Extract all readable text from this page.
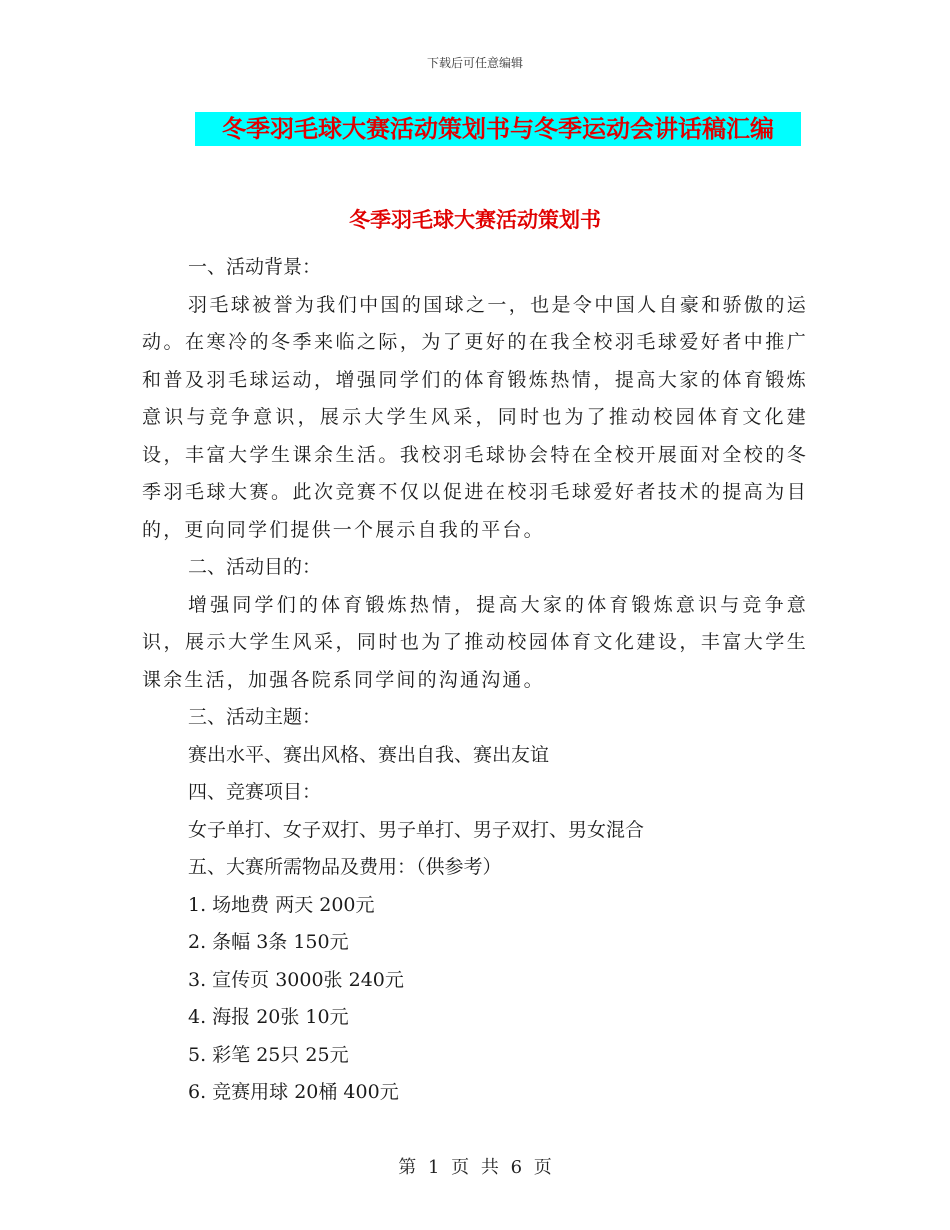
下载后可任意编辑
冬季羽毛球大赛活动策划书与冬季运动会讲话稿汇编
冬季羽毛球大赛活动策划书
一、活动背景：
羽毛球被誉为我们中国的国球之一，也是令中国人自豪和骄傲的运动。在寒冷的冬季来临之际，为了更好的在我全校羽毛球爱好者中推广和普及羽毛球运动，增强同学们的体育锻炼热情，提高大家的体育锻炼意识与竞争意识，展示大学生风采，同时也为了推动校园体育文化建设，丰富大学生课余生活。我校羽毛球协会特在全校开展面对全校的冬季羽毛球大赛。此次竞赛不仅以促进在校羽毛球爱好者技术的提高为目的，更向同学们提供一个展示自我的平台。
二、活动目的：
增强同学们的体育锻炼热情，提高大家的体育锻炼意识与竞争意识，展示大学生风采，同时也为了推动校园体育文化建设，丰富大学生课余生活，加强各院系同学间的沟通沟通。
三、活动主题：
赛出水平、赛出风格、赛出自我、赛出友谊
四、竞赛项目：
女子单打、女子双打、男子单打、男子双打、男女混合
五、大赛所需物品及费用：（供参考）
1. 场地费 两天 200元
2. 条幅 3条 150元
3. 宣传页 3000张 240元
4. 海报 20张 10元
5. 彩笔 25只 25元
6. 竞赛用球 20桶 400元
第 1 页 共 6 页
